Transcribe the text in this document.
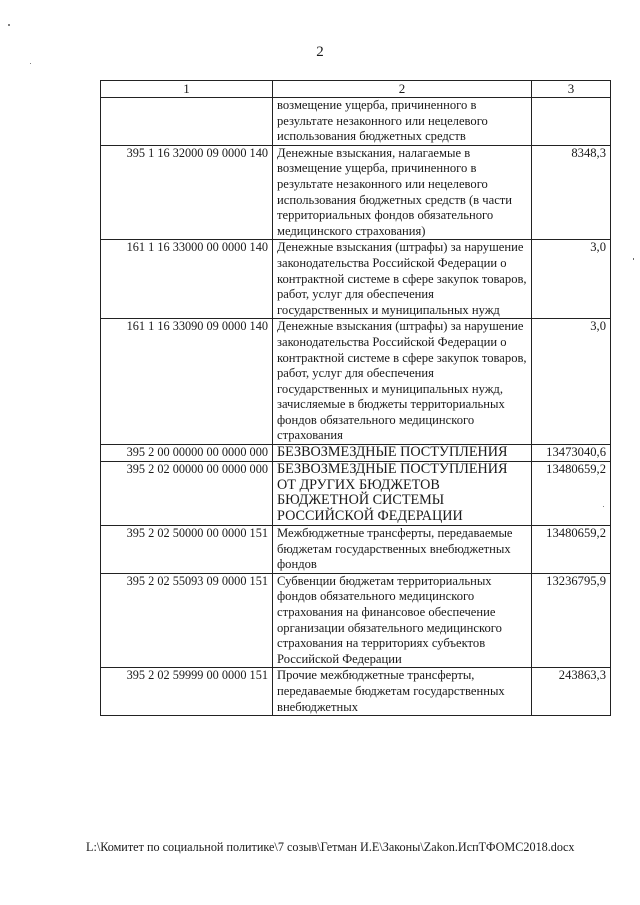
2
1	2	3
	возмещение ущерба, причиненного в результате незаконного или нецелевого использования бюджетных средств	
395 1 16 32000 09 0000 140	Денежные взыскания, налагаемые в возмещение ущерба, причиненного в результате незаконного или нецелевого использования бюджетных средств (в части территориальных фондов обязательного медицинского страхования)	8348,3
161 1 16 33000 00 0000 140	Денежные взыскания (штрафы) за нарушение законодательства Российской Федерации о контрактной системе в сфере закупок товаров, работ, услуг для обеспечения государственных и муниципальных нужд	3,0
161 1 16 33090 09 0000 140	Денежные взыскания (штрафы) за нарушение законодательства Российской Федерации о контрактной системе в сфере закупок товаров, работ, услуг для обеспечения государственных и муниципальных нужд, зачисляемые в бюджеты территориальных фондов обязательного медицинского страхования	3,0
395 2 00 00000 00 0000 000	БЕЗВОЗМЕЗДНЫЕ ПОСТУПЛЕНИЯ	13473040,6
395 2 02 00000 00 0000 000	БЕЗВОЗМЕЗДНЫЕ ПОСТУПЛЕНИЯ ОТ ДРУГИХ БЮДЖЕТОВ БЮДЖЕТНОЙ СИСТЕМЫ РОССИЙСКОЙ ФЕДЕРАЦИИ	13480659,2
395 2 02 50000 00 0000 151	Межбюджетные трансферты, передаваемые бюджетам государственных внебюджетных фондов	13480659,2
395 2 02 55093 09 0000 151	Субвенции бюджетам территориальных фондов обязательного медицинского страхования на финансовое обеспечение организации обязательного медицинского страхования на территориях субъектов Российской Федерации	13236795,9
395 2 02 59999 00 0000 151	Прочие межбюджетные трансферты, передаваемые бюджетам государственных внебюджетных	243863,3
L:\Комитет по социальной политике\7 созыв\Гетман И.Е\Законы\Zakon.ИспТФОМС2018.docx
